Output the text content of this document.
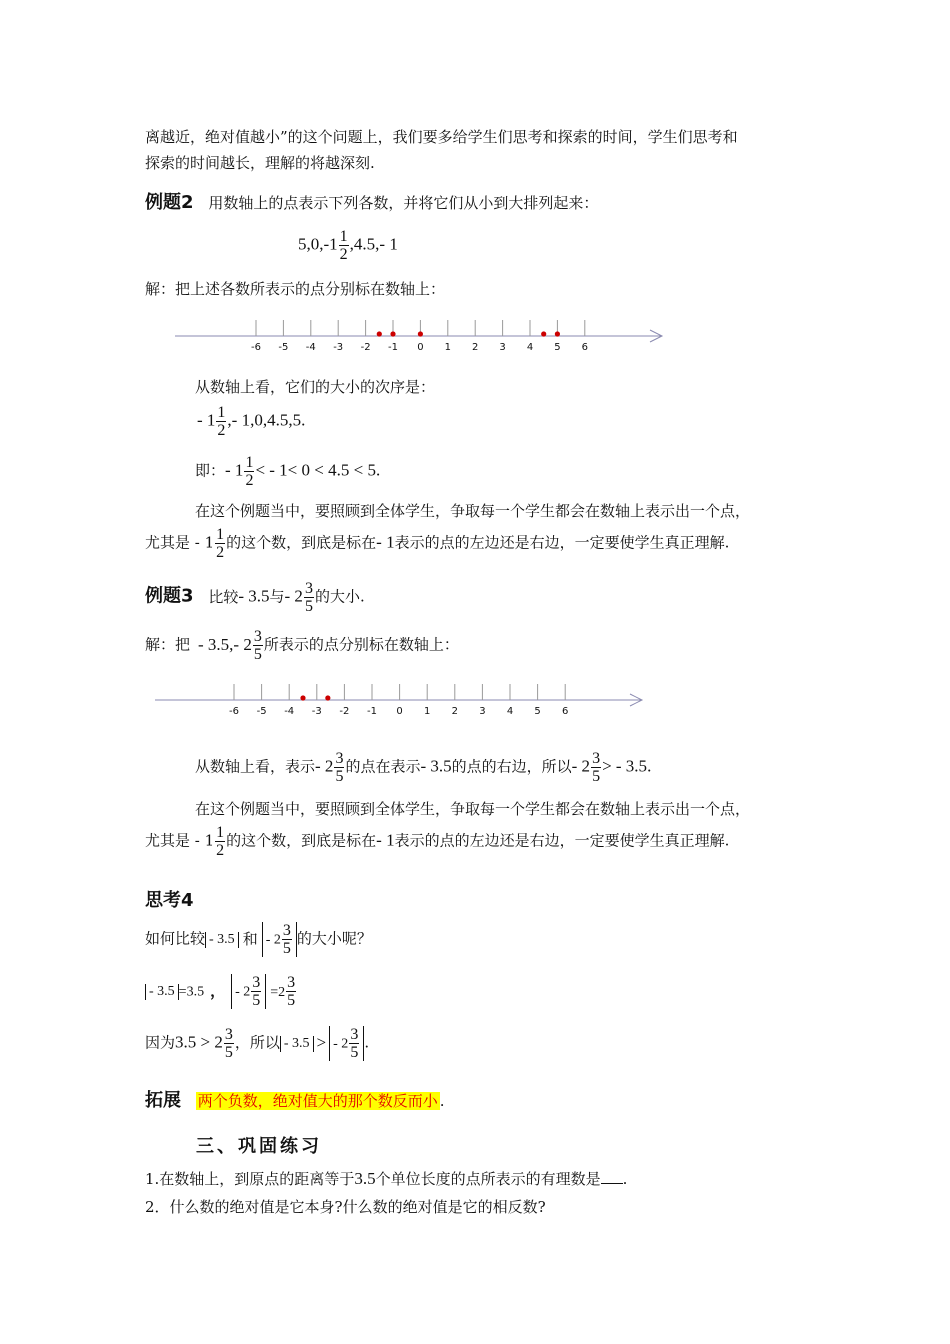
离越近，绝对值越小”的这个问题上，我们要多给学生们思考和探索的时间，学生们思考和
探索的时间越长，理解的将越深刻.
例题2 用数轴上的点表示下列各数，并将它们从小到大排列起来：
$5,0,-1 \frac{1}{2} ,4.5,-$ 1
解：把上述各数所表示的点分别标在数轴上：
-6 -5 -4 -3 -2 -1 0 1 2 3 4 5 6
从数轴上看，它们的大小的次序是：
- $1 \frac{1}{2}$ ,- 1,0,4.5,5.
即：- $1 \frac{1}{2}$ < - 1< 0 < 4.5 < 5.
在这个例题当中，要照顾到全体学生，争取每一个学生都会在数轴上表示出一个点，
尤其是 - $1 \frac{1}{2}$ 的这个数，到底是标在- 1表示的点的左边还是右边，一定要使学生真正理解.
例题3 比较- 3.5与- $2 \frac{3}{5}$ 的大小.
解：把 - 3.5,- $2 \frac{3}{5}$ 所表示的点分别标在数轴上：
-6 -5 -4 -3 -2 -1 0 1 2 3 4 5 6
从数轴上看，表示- $2 \frac{3}{5}$ 的点在表示- 3.5的点的右边，所以- $2 \frac{3}{5}$ > - 3.5.
在这个例题当中，要照顾到全体学生，争取每一个学生都会在数轴上表示出一个点，
尤其是 - $1 \frac{1}{2}$ 的这个数，到底是标在- 1表示的点的左边还是右边，一定要使学生真正理解.
思考4
如何比较 - 3.5 和 - $2 \frac{3}{5}$ 的大小呢？
- 3.5 =3.5 ， - $2 \frac{3}{5} =2 \frac{3}{5}$
因为$3.5 > 2 \frac{3}{5}$ ，所以 - 3.5 > - $2 \frac{3}{5}$ .
拓展 两个负数，绝对值大的那个数反而小 .
三、巩固练习
1.在数轴上，到原点的距离等于3.5个单位长度的点所表示的有理数是 .
2．什么数的绝对值是它本身?什么数的绝对值是它的相反数?
